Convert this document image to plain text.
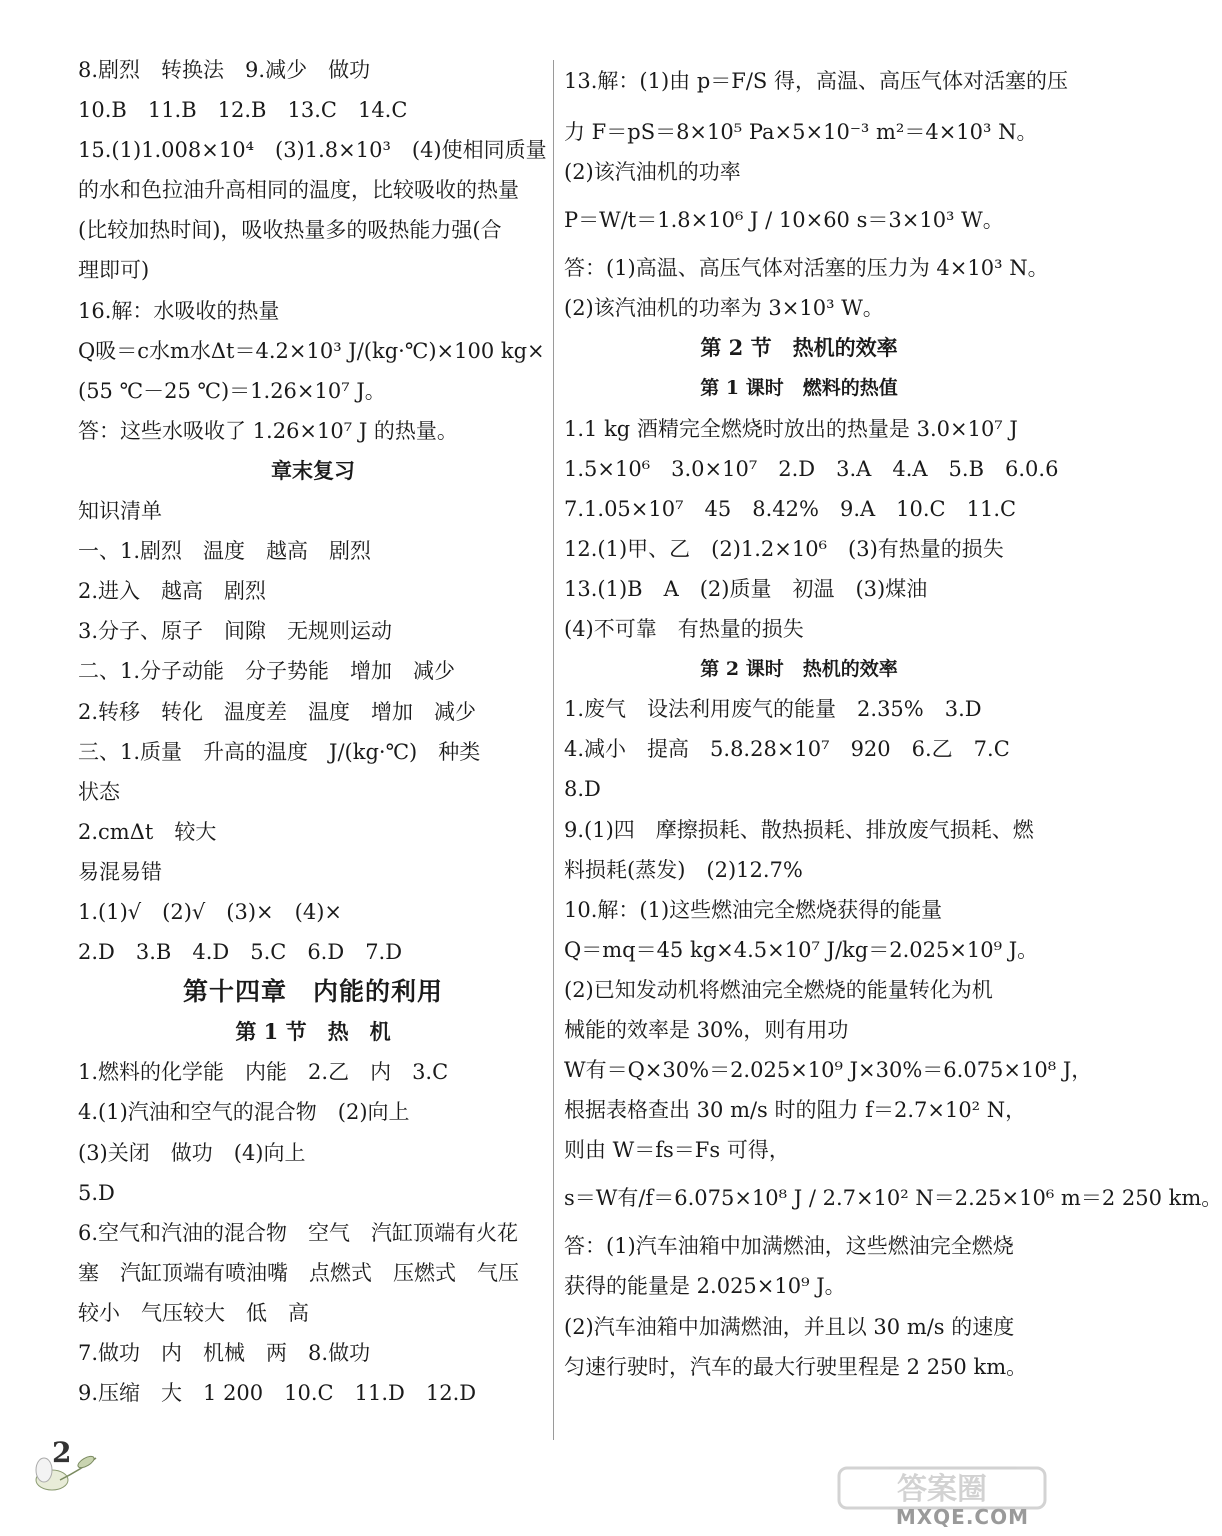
8.剧烈　转换法　9.减少　做功
10.B　11.B　12.B　13.C　14.C
15.(1)1.008×10⁴　(3)1.8×10³　(4)使相同质量
的水和色拉油升高相同的温度，比较吸收的热量
(比较加热时间)，吸收热量多的吸热能力强(合
理即可)
16.解：水吸收的热量
Q吸＝c水m水Δt＝4.2×10³ J/(kg·℃)×100 kg×
(55 ℃－25 ℃)＝1.26×10⁷ J。
答：这些水吸收了 1.26×10⁷ J 的热量。
章末复习
知识清单
一、1.剧烈　温度　越高　剧烈
2.进入　越高　剧烈
3.分子、原子　间隙　无规则运动
二、1.分子动能　分子势能　增加　减少
2.转移　转化　温度差　温度　增加　减少
三、1.质量　升高的温度　J/(kg·℃)　种类
状态
2.cmΔt　较大
易混易错
1.(1)√　(2)√　(3)×　(4)×
2.D　3.B　4.D　5.C　6.D　7.D
第十四章　内能的利用
第 1 节　热　机
1.燃料的化学能　内能　2.乙　内　3.C
4.(1)汽油和空气的混合物　(2)向上
(3)关闭　做功　(4)向上
5.D
6.空气和汽油的混合物　空气　汽缸顶端有火花
塞　汽缸顶端有喷油嘴　点燃式　压燃式　气压
较小　气压较大　低　高
7.做功　内　机械　两　8.做功
9.压缩　大　1 200　10.C　11.D　12.D
13.解：(1)由 p＝F/S 得，高温、高压气体对活塞的压
力 F＝pS＝8×10⁵ Pa×5×10⁻³ m²＝4×10³ N。
(2)该汽油机的功率
P＝W/t＝1.8×10⁶ J / 10×60 s＝3×10³ W。
答：(1)高温、高压气体对活塞的压力为 4×10³ N。
(2)该汽油机的功率为 3×10³ W。
第 2 节　热机的效率
第 1 课时　燃料的热值
1.1 kg 酒精完全燃烧时放出的热量是 3.0×10⁷ J
1.5×10⁶　3.0×10⁷　2.D　3.A　4.A　5.B　6.0.6
7.1.05×10⁷　45　8.42%　9.A　10.C　11.C
12.(1)甲、乙　(2)1.2×10⁶　(3)有热量的损失
13.(1)B　A　(2)质量　初温　(3)煤油
(4)不可靠　有热量的损失
第 2 课时　热机的效率
1.废气　设法利用废气的能量　2.35%　3.D
4.减小　提高　5.8.28×10⁷　920　6.乙　7.C
8.D
9.(1)四　摩擦损耗、散热损耗、排放废气损耗、燃
料损耗(蒸发)　(2)12.7%
10.解：(1)这些燃油完全燃烧获得的能量
Q＝mq＝45 kg×4.5×10⁷ J/kg＝2.025×10⁹ J。
(2)已知发动机将燃油完全燃烧的能量转化为机
械能的效率是 30%，则有用功
W有＝Q×30%＝2.025×10⁹ J×30%＝6.075×10⁸ J，
根据表格查出 30 m/s 时的阻力 f＝2.7×10² N，
则由 W＝fs＝Fs 可得，
s＝W有/f＝6.075×10⁸ J / 2.7×10² N＝2.25×10⁶ m＝2 250 km。
答：(1)汽车油箱中加满燃油，这些燃油完全燃烧
获得的能量是 2.025×10⁹ J。
(2)汽车油箱中加满燃油，并且以 30 m/s 的速度
匀速行驶时，汽车的最大行驶里程是 2 250 km。
2
答案圈
MXQE.COM
